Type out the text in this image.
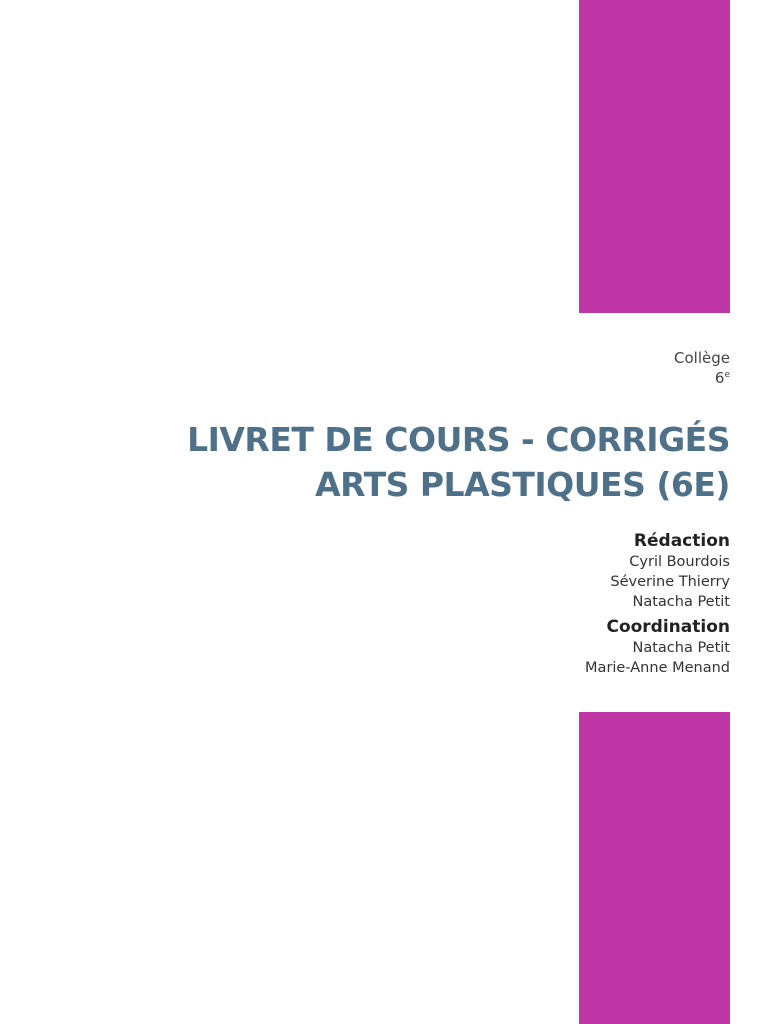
Collège
6e
LIVRET DE COURS - CORRIGÉS
ARTS PLASTIQUES (6E)
Rédaction
Cyril Bourdois
Séverine Thierry
Natacha Petit
Coordination
Natacha Petit
Marie-Anne Menand
